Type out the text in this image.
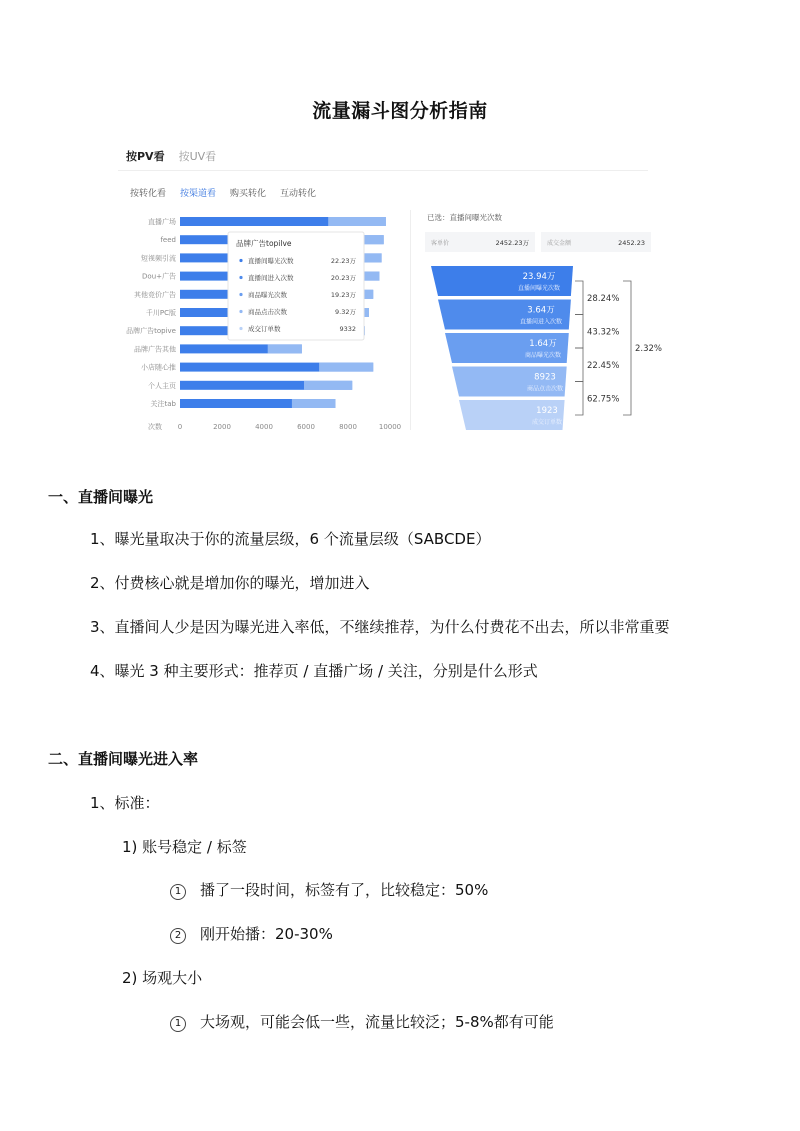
流量漏斗图分析指南
按PV看 按UV看
按转化看 按渠道看 购买转化 互动转化
直播广场
feed
短视频引流
Dou+广告
其他竞价广告
千川PC版
品牌广告topive
品牌广告其他
小店随心推
个人主页
关注tab
次数 0	2000	4000	6000	8000	10000
品牌广告topilve
直播间曝光次数	22.23万
直播间进入次数	20.23万
商品曝光次数	19.23万
商品点击次数	9.32万
成交订单数	9332
已选：直播间曝光次数
客单价	2452.23万	成交金额	2452.23
23.94万
直播间曝光次数
3.64万
直播间进入次数
1.64万
商品曝光次数
8923
商品点击次数
1923
成交订单数
28.24%
43.32%
22.45%
62.75%
2.32%
一、直播间曝光
1、曝光量取决于你的流量层级，6 个流量层级（SABCDE）
2、付费核心就是增加你的曝光，增加进入
3、直播间人少是因为曝光进入率低，不继续推荐，为什么付费花不出去，所以非常重要
4、曝光 3 种主要形式：推荐页 / 直播广场 / 关注，分别是什么形式
二、直播间曝光进入率
1、标准：
1) 账号稳定 / 标签
1 播了一段时间，标签有了，比较稳定：50%
2 刚开始播：20-30%
2) 场观大小
1 大场观，可能会低一些，流量比较泛；5-8%都有可能
